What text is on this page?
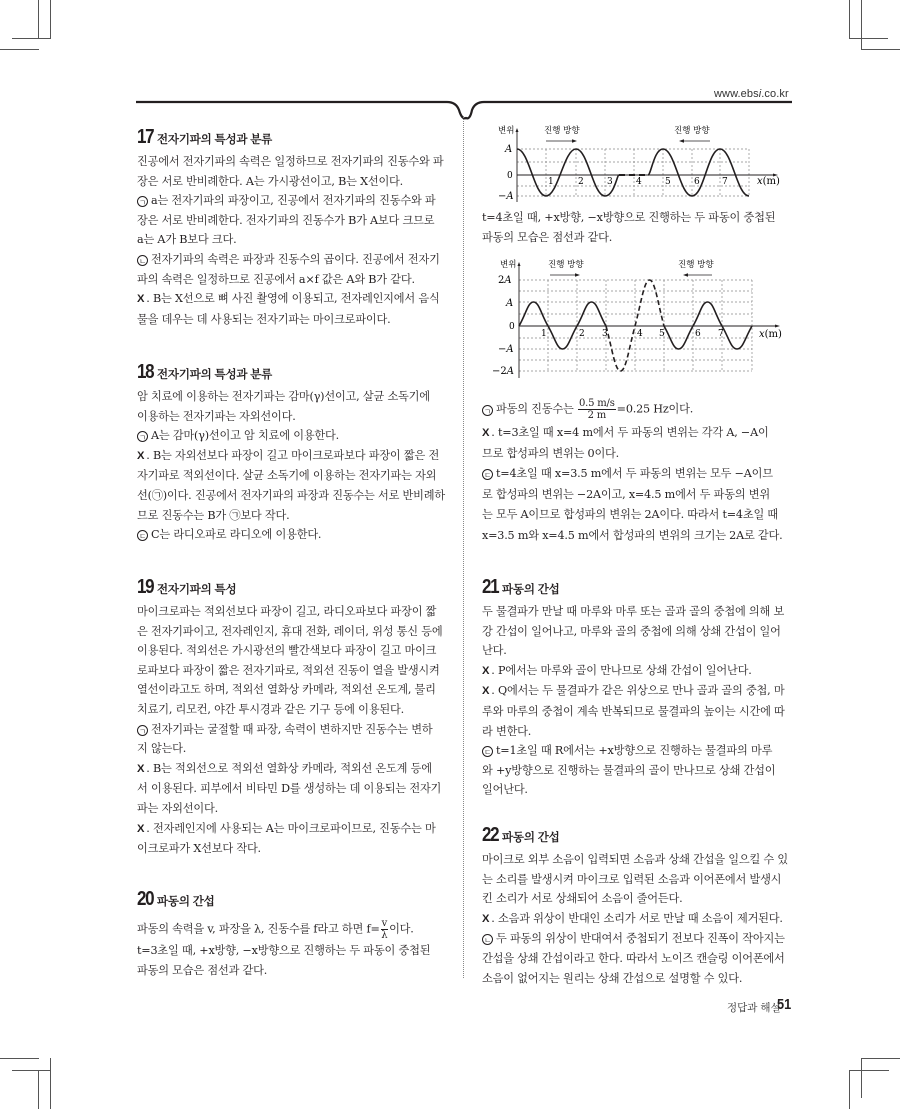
www.ebsi.co.kr
17 전자기파의 특성과 분류

진공에서 전자기파의 속력은 일정하므로 전자기파의 진동수와 파

장은 서로 반비례한다. A는 가시광선이고, B는 X선이다.

ㄱ a는 전자기파의 파장이고, 진공에서 전자기파의 진동수와 파

장은 서로 반비례한다. 전자기파의 진동수가 B가 A보다 크므로

a는 A가 B보다 크다.

ㄴ 전자기파의 속력은 파장과 진동수의 곱이다. 진공에서 전자기

파의 속력은 일정하므로 진공에서 a×f 값은 A와 B가 같다.

X . B는 X선으로 뼈 사진 촬영에 이용되고, 전자레인지에서 음식

물을 데우는 데 사용되는 전자기파는 마이크로파이다.

18 전자기파의 특성과 분류

암 치료에 이용하는 전자기파는 감마(γ)선이고, 살균 소독기에

이용하는 전자기파는 자외선이다.

ㄱ A는 감마(γ)선이고 암 치료에 이용한다.

X . B는 자외선보다 파장이 길고 마이크로파보다 파장이 짧은 전

자기파로 적외선이다. 살균 소독기에 이용하는 전자기파는 자외

선(㉠)이다. 진공에서 전자기파의 파장과 진동수는 서로 반비례하

므로 진동수는 B가 ㉠보다 작다.

ㄷ C는 라디오파로 라디오에 이용한다.

19 전자기파의 특성

마이크로파는 적외선보다 파장이 길고, 라디오파보다 파장이 짧

은 전자기파이고, 전자레인지, 휴대 전화, 레이더, 위성 통신 등에

이용된다. 적외선은 가시광선의 빨간색보다 파장이 길고 마이크

로파보다 파장이 짧은 전자기파로, 적외선 진동이 열을 발생시켜

열선이라고도 하며, 적외선 열화상 카메라, 적외선 온도계, 물리

치료기, 리모컨, 야간 투시경과 같은 기구 등에 이용된다.

ㄱ 전자기파는 굴절할 때 파장, 속력이 변하지만 진동수는 변하

지 않는다.

X . B는 적외선으로 적외선 열화상 카메라, 적외선 온도계 등에

서 이용된다. 피부에서 비타민 D를 생성하는 데 이용되는 전자기

파는 자외선이다.

X . 전자레인지에 사용되는 A는 마이크로파이므로, 진동수는 마

이크로파가 X선보다 작다.

20 파동의 간섭

파동의 속력을 v, 파장을 λ, 진동수를 f라고 하면 $f= \frac{v}{\lambda}$ 이다.

t=3초일 때, +x방향, −x방향으로 진행하는 두 파동이 중첩된

파동의 모습은 점선과 같다.

변위
A
0
−A
1	2	3	4	5	6 7	x(m)
진행 방향	진행 방향

t=4초일 때, +x방향, −x방향으로 진행하는 두 파동이 중첩된

파동의 모습은 점선과 같다.

변위
2A
A
0
−A
−2A
1	2 3	4 5	6 7	x(m)
진행 방향	진행 방향

ㄱ 파동의 진동수는 $\frac{0.5 m/s}{2 m} =0.25$ Hz이다.

X . t=3초일 때 x=4 m에서 두 파동의 변위는 각각 A, −A이

므로 합성파의 변위는 0이다.

ㄷ t=4초일 때 x=3.5 m에서 두 파동의 변위는 모두 −A이므

로 합성파의 변위는 −2A이고, x=4.5 m에서 두 파동의 변위

는 모두 A이므로 합성파의 변위는 2A이다. 따라서 t=4초일 때

x=3.5 m와 x=4.5 m에서 합성파의 변위의 크기는 2A로 같다.

21 파동의 간섭

두 물결파가 만날 때 마루와 마루 또는 골과 골의 중첩에 의해 보

강 간섭이 일어나고, 마루와 골의 중첩에 의해 상쇄 간섭이 일어

난다.

X . P에서는 마루와 골이 만나므로 상쇄 간섭이 일어난다.

X . Q에서는 두 물결파가 같은 위상으로 만나 골과 골의 중첩, 마

루와 마루의 중첩이 계속 반복되므로 물결파의 높이는 시간에 따

라 변한다.

ㄷ t=1초일 때 R에서는 +x방향으로 진행하는 물결파의 마루

와 +y방향으로 진행하는 물결파의 골이 만나므로 상쇄 간섭이

일어난다.

22 파동의 간섭

마이크로 외부 소음이 입력되면 소음과 상쇄 간섭을 일으킬 수 있

는 소리를 발생시켜 마이크로 입력된 소음과 이어폰에서 발생시

킨 소리가 서로 상쇄되어 소음이 줄어든다.

X . 소음과 위상이 반대인 소리가 서로 만날 때 소음이 제거된다.

ㄴ 두 파동의 위상이 반대여서 중첩되기 전보다 진폭이 작아지는

간섭을 상쇄 간섭이라고 한다. 따라서 노이즈 캔슬링 이어폰에서

소음이 없어지는 원리는 상쇄 간섭으로 설명할 수 있다.

정답과 해설
51
